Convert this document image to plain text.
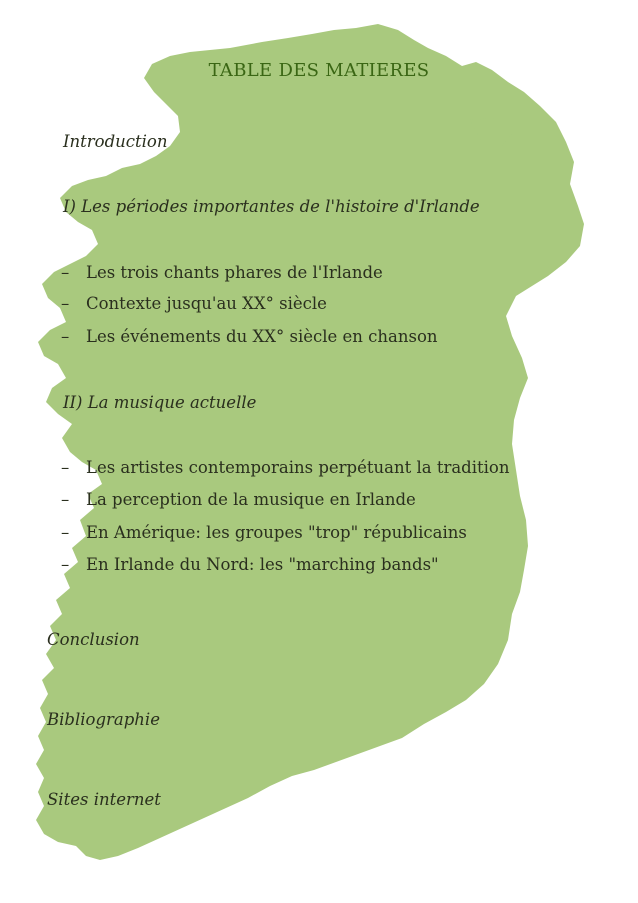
TABLE DES MATIERES
Introduction
I) Les périodes importantes de l'histoire d'Irlande
– Les trois chants phares de l'Irlande
– Contexte jusqu'au XX° siècle
– Les événements du XX° siècle en chanson
II) La musique actuelle
– Les artistes contemporains perpétuant la tradition
– La perception de la musique en Irlande
– En Amérique: les groupes "trop" républicains
– En Irlande du Nord: les "marching bands"
Conclusion
Bibliographie
Sites internet
